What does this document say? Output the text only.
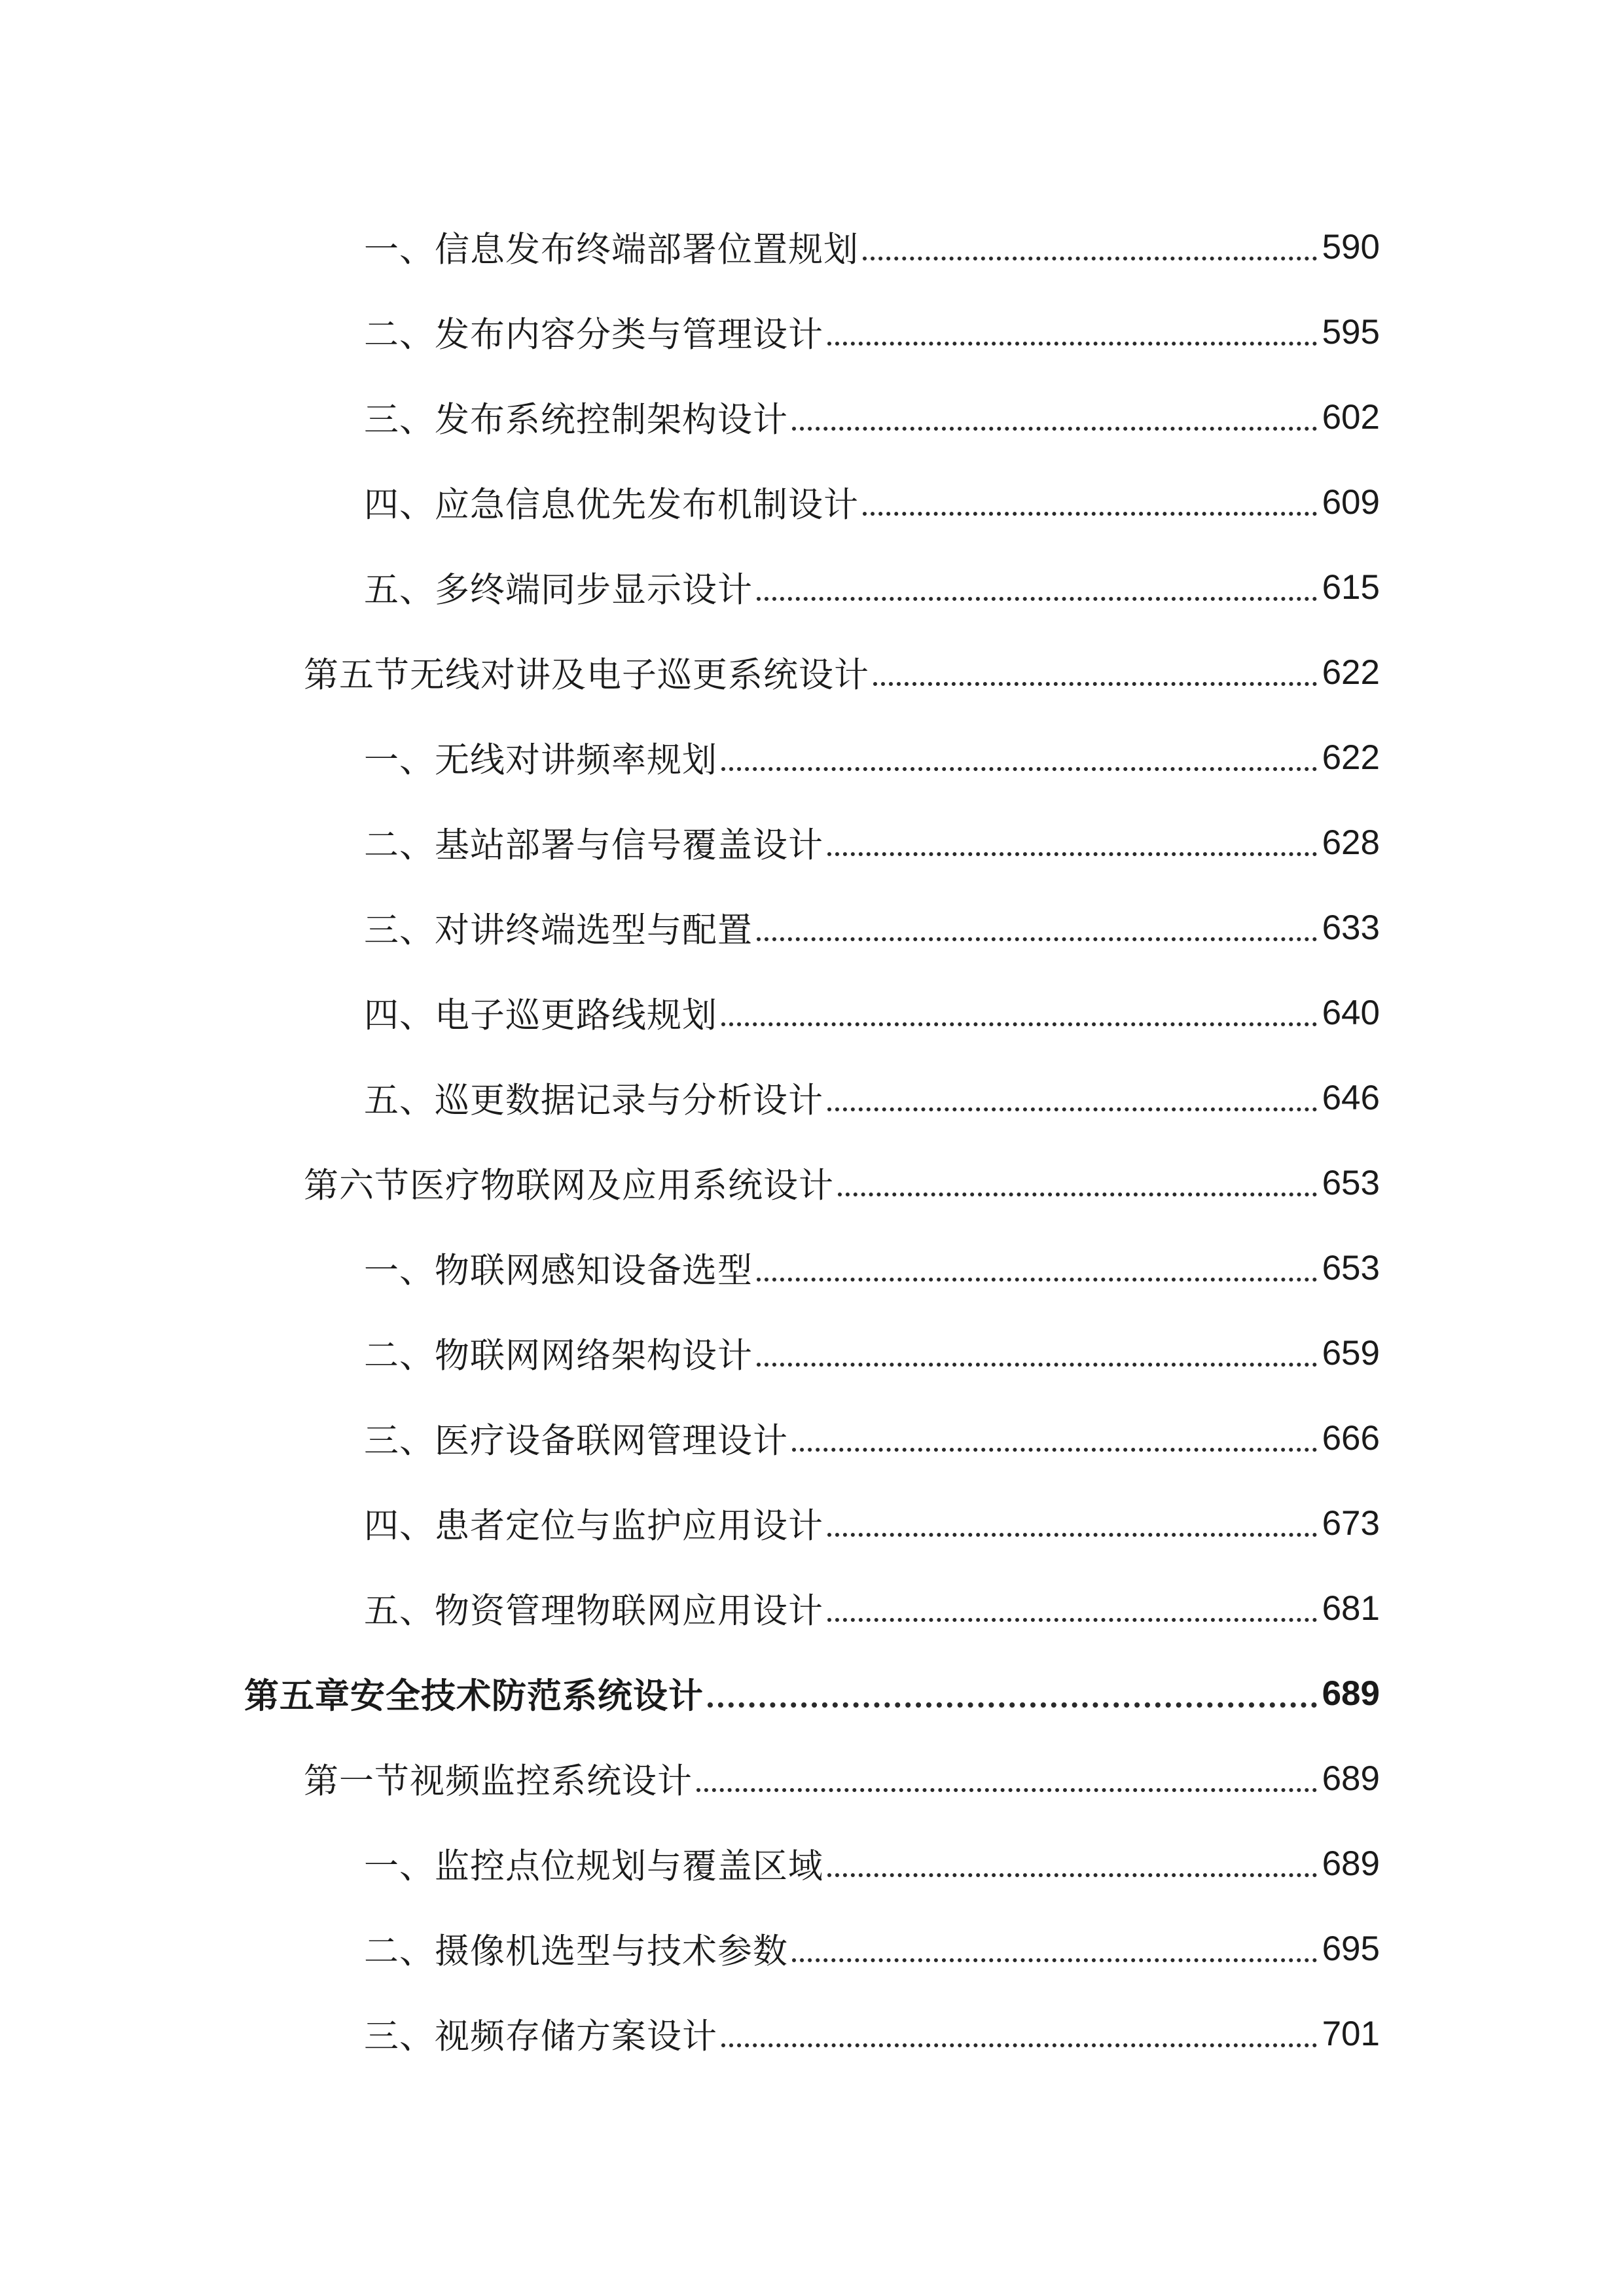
一、信息发布终端部署位置规划	590
二、发布内容分类与管理设计	595
三、发布系统控制架构设计	602
四、应急信息优先发布机制设计	609
五、多终端同步显示设计	615
第五节无线对讲及电子巡更系统设计	622
一、无线对讲频率规划	622
二、基站部署与信号覆盖设计	628
三、对讲终端选型与配置	633
四、电子巡更路线规划	640
五、巡更数据记录与分析设计	646
第六节医疗物联网及应用系统设计	653
一、物联网感知设备选型	653
二、物联网网络架构设计	659
三、医疗设备联网管理设计	666
四、患者定位与监护应用设计	673
五、物资管理物联网应用设计	681
第五章安全技术防范系统设计	689
第一节视频监控系统设计	689
一、监控点位规划与覆盖区域	689
二、摄像机选型与技术参数	695
三、视频存储方案设计	701
